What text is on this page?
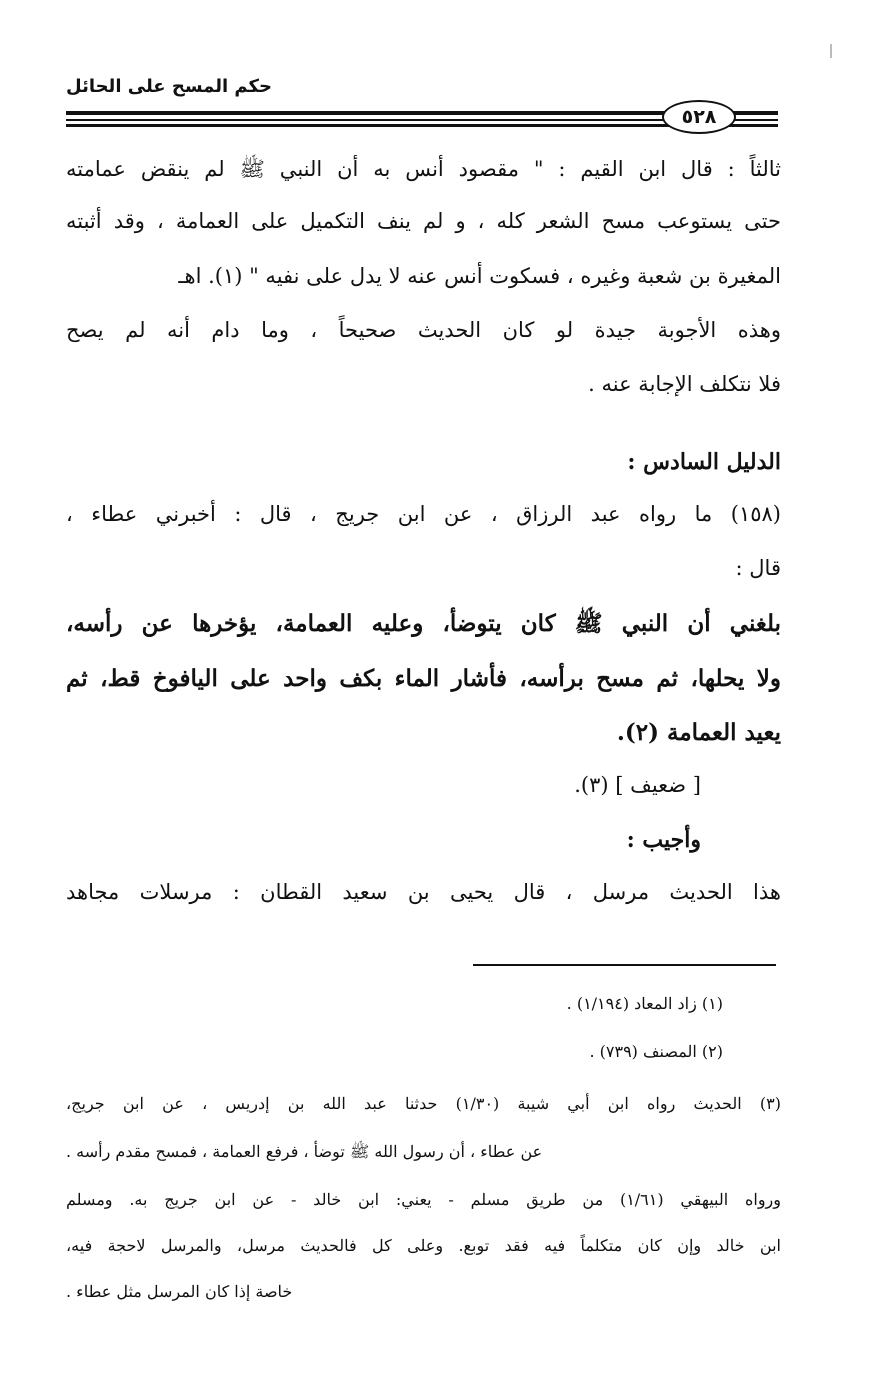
حكم المسح على الحائل
٥٢٨
ثالثاً : قال ابن القيم : " مقصود أنس به أن النبي ﷺ لم ينقض عمامته
حتى يستوعب مسح الشعر كله ، و لم ينف التكميل على العمامة ، وقد أثبته
المغيرة بن شعبة وغيره ، فسكوت أنس عنه لا يدل على نفيه " (١). اهـ
وهذه الأجوبة جيدة لو كان الحديث صحيحاً ، وما دام أنه لم يصح
فلا نتكلف الإجابة عنه .
الدليل السادس :
(١٥٨) ما رواه عبد الرزاق ، عن ابن جريج ، قال : أخبرني عطاء ،
قال :
بلغني أن النبي ﷺ كان يتوضأ، وعليه العمامة، يؤخرها عن رأسه،
ولا يحلها، ثم مسح برأسه، فأشار الماء بكف واحد على اليافوخ قط، ثم
يعيد العمامة (٢).
[ ضعيف ] (٣).
وأجيب :
هذا الحديث مرسل ، قال يحيى بن سعيد القطان : مرسلات مجاهد
(١) زاد المعاد (١/١٩٤) .
(٢) المصنف (٧٣٩) .
(٣) الحديث رواه ابن أبي شيبة (١/٣٠) حدثنا عبد الله بن إدريس ، عن ابن جريج،
عن عطاء ، أن رسول الله ﷺ توضأ ، فرفع العمامة ، فمسح مقدم رأسه .
ورواه البيهقي (١/٦١) من طريق مسلم - يعني: ابن خالد - عن ابن جريج به. ومسلم
ابن خالد وإن كان متكلماً فيه فقد توبع. وعلى كل فالحديث مرسل، والمرسل لاحجة فيه،
خاصة إذا كان المرسل مثل عطاء .
